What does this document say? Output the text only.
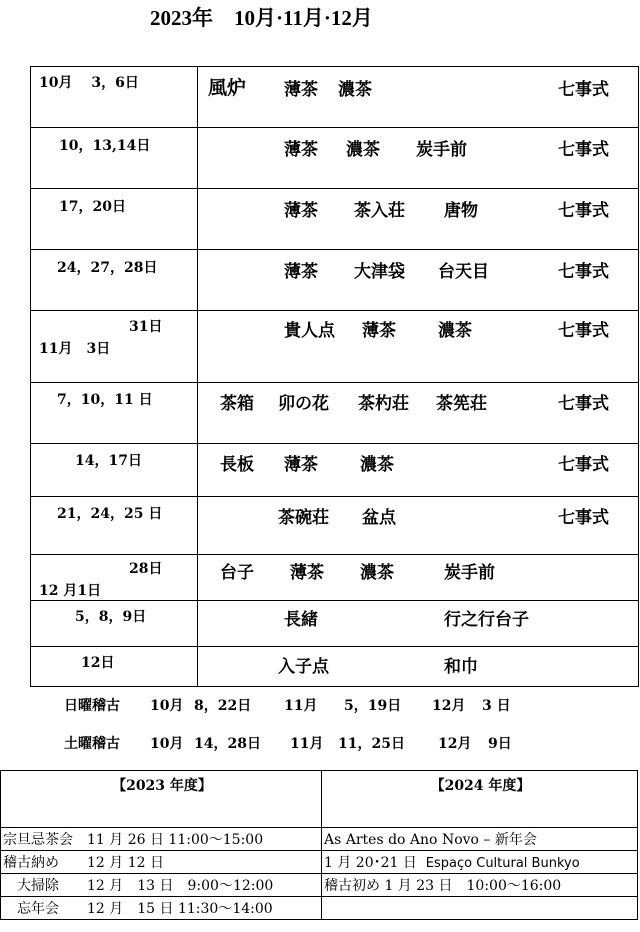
2023年　10月·11月·12月
10月　 3，6日	風炉 薄茶 濃茶 七事式

10，13,14日	薄茶 濃茶 炭手前 七事式

17，20日	薄茶 茶入荘 唐物 七事式

24，27，28日	薄茶 大津袋 台天目 七事式

31日
11月　3日	貴人点 薄茶 濃茶 七事式

7，10，11 日	茶箱 卯の花 茶杓荘 茶筅荘 七事式

14，17日	長板 薄茶 濃茶 七事式

21，24，25 日	茶碗荘 盆点 七事式

28日
12 月1日	台子 薄茶 濃茶 炭手前

5，8，9日	長緒 行之行台子

12日	入子点 和巾
日曜稽古 10月 8，22日 11月 5，19日 12月 3 日
土曜稽古 10月 14，28日 11月 11，25日 12月 9日
【2023 年度】	【2024 年度】
宗旦忌茶会　11 月 26 日 11:00～15:00	As Artes do Ano Novo – 新年会
稽古納め　　12 月 12 日	1 月 20･21 日 Espaço Cultural Bunkyo
　大掃除　　12 月　13 日　9:00～12:00	稽古初め 1 月 23 日　10:00～16:00
　忘年会　　12 月　15 日 11:30～14:00	
